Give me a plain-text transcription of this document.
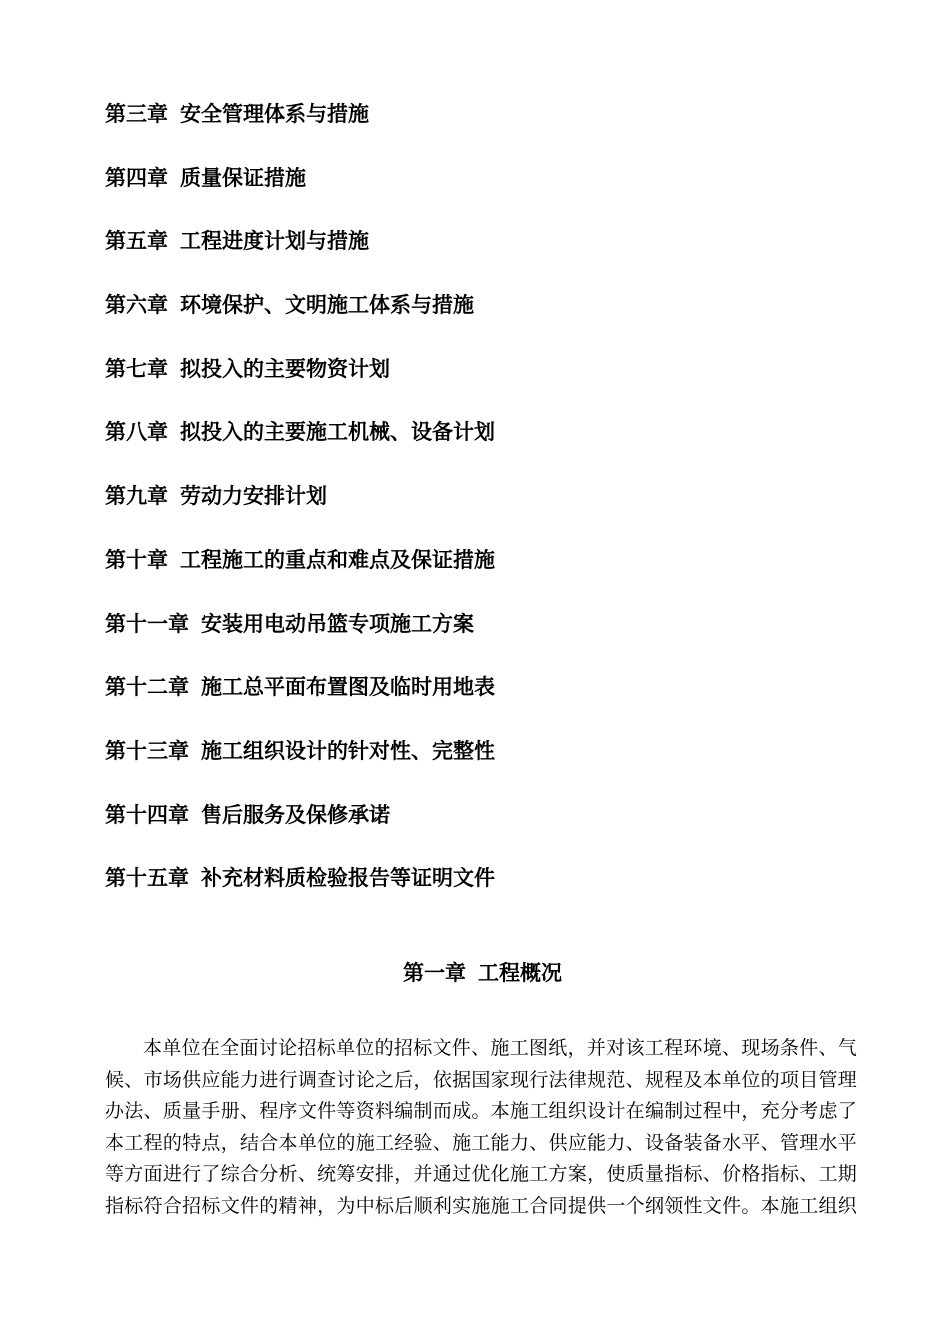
第三章 安全管理体系与措施
第四章 质量保证措施
第五章 工程进度计划与措施
第六章 环境保护、文明施工体系与措施
第七章 拟投入的主要物资计划
第八章 拟投入的主要施工机械、设备计划
第九章 劳动力安排计划
第十章 工程施工的重点和难点及保证措施
第十一章 安装用电动吊篮专项施工方案
第十二章 施工总平面布置图及临时用地表
第十三章 施工组织设计的针对性、完整性
第十四章 售后服务及保修承诺
第十五章 补充材料质检验报告等证明文件
第一章 工程概况
本单位在全面讨论招标单位的招标文件、施工图纸，并对该工程环境、现场条件、气
候、市场供应能力进行调查讨论之后，依据国家现行法律规范、规程及本单位的项目管理
办法、质量手册、程序文件等资料编制而成。本施工组织设计在编制过程中，充分考虑了
本工程的特点，结合本单位的施工经验、施工能力、供应能力、设备装备水平、管理水平
等方面进行了综合分析、统筹安排，并通过优化施工方案，使质量指标、价格指标、工期
指标符合招标文件的精神，为中标后顺利实施施工合同提供一个纲领性文件。本施工组织
